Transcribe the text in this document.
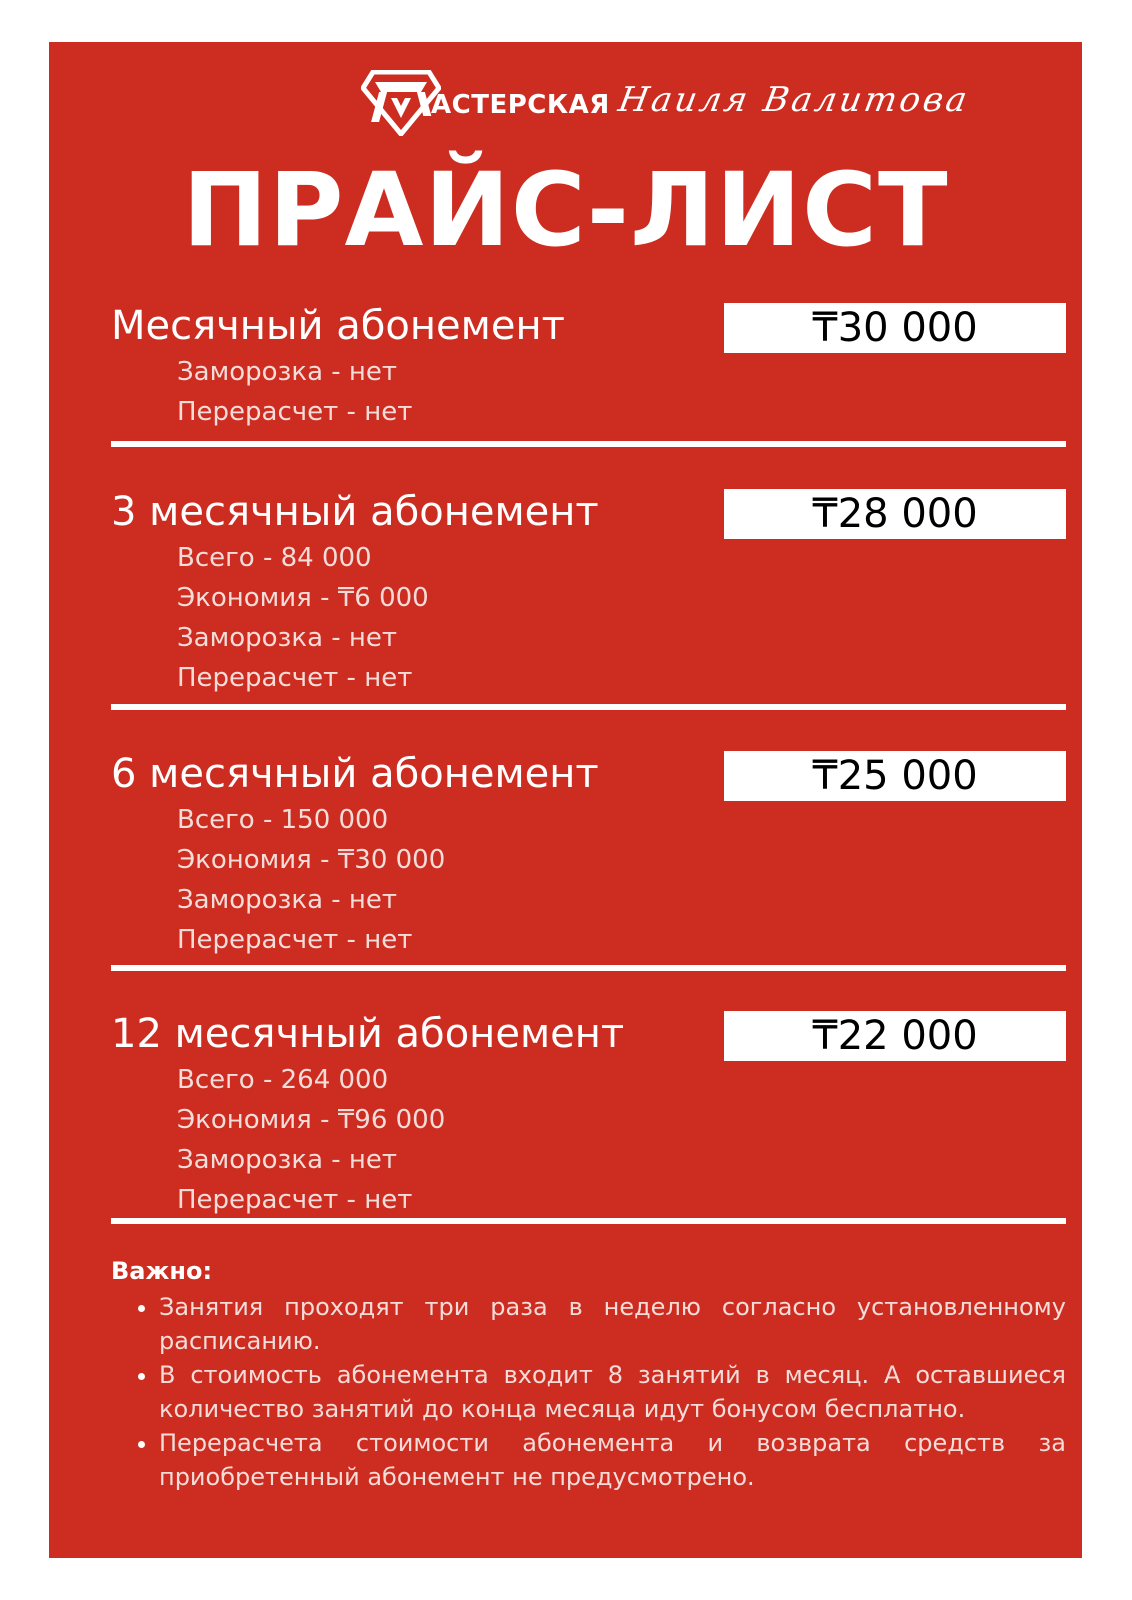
АСТЕРСКАЯ Наиля Валитова
ПРАЙС-ЛИСТ
Месячный абонемент	₸30 000
Заморозка - нет
Перерасчет - нет
3 месячный абонемент	₸28 000
Всего - 84 000
Экономия - ₸6 000
Заморозка - нет
Перерасчет - нет
6 месячный абонемент	₸25 000
Всего - 150 000
Экономия - ₸30 000
Заморозка - нет
Перерасчет - нет
12 месячный абонемент	₸22 000
Всего - 264 000
Экономия - ₸96 000
Заморозка - нет
Перерасчет - нет
Важно:
• Занятия проходят три раза в неделю согласно установленному расписанию.
• В стоимость абонемента входит 8 занятий в месяц. А оставшиеся количество занятий до конца месяца идут бонусом бесплатно.
• Перерасчета стоимости абонемента и возврата средств за приобретенный абонемент не предусмотрено.
